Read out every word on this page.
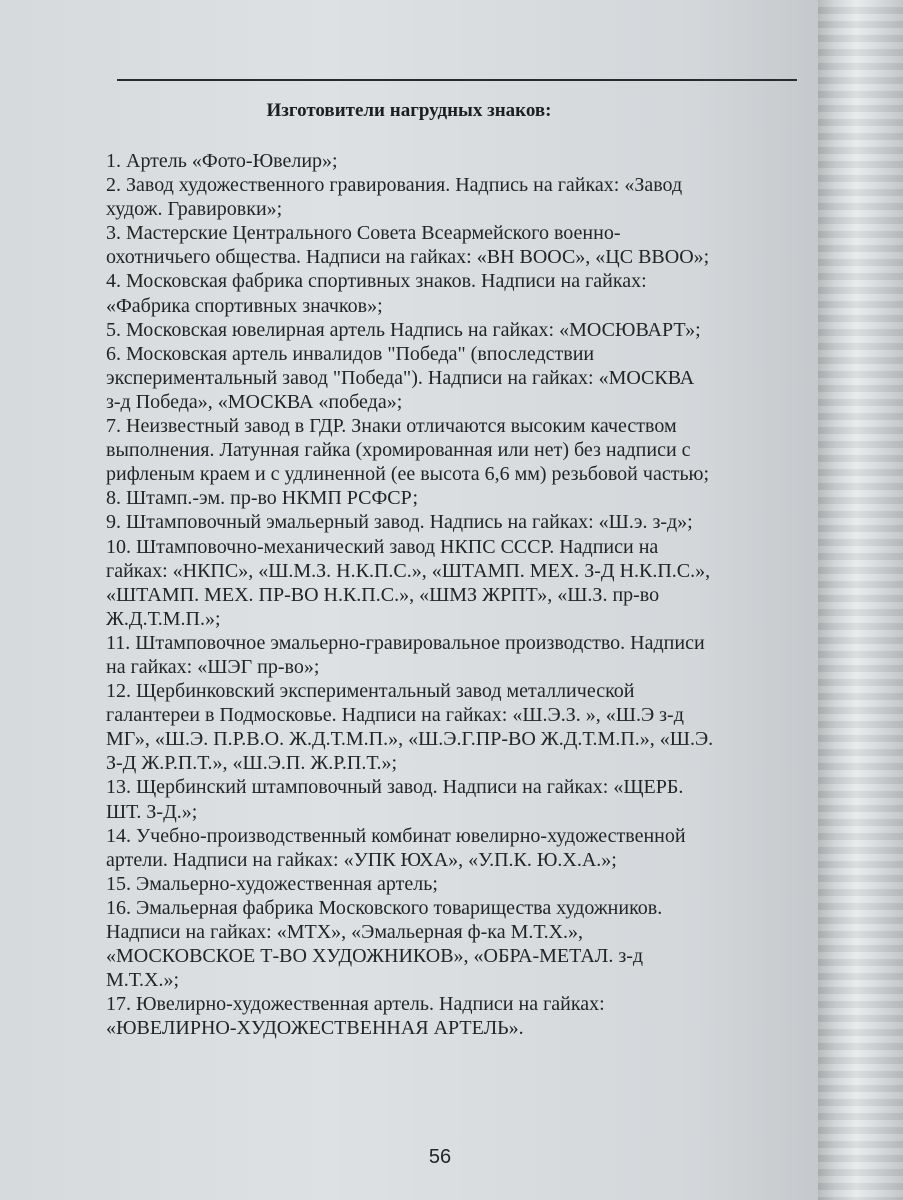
Изготовители нагрудных знаков:
1. Артель «Фото-Ювелир»;
2. Завод художественного гравирования. Надпись на гайках: «Завод
худож. Гравировки»;
3. Мастерские Центрального Совета Всеармейского военно-
охотничьего общества. Надписи на гайках: «ВН ВООС», «ЦС ВВОО»;
4. Московская фабрика спортивных знаков. Надписи на гайках:
«Фабрика спортивных значков»;
5. Московская ювелирная артель Надпись на гайках: «МОСЮВАРТ»;
6. Московская артель инвалидов "Победа" (впоследствии
экспериментальный завод "Победа"). Надписи на гайках: «МОСКВА
з-д Победа», «МОСКВА «победа»;
7. Неизвестный завод в ГДР. Знаки отличаются высоким качеством
выполнения. Латунная гайка (хромированная или нет) без надписи с
рифленым краем и с удлиненной (ее высота 6,6 мм) резьбовой частью;
8. Штамп.-эм. пр-во НКМП РСФСР;
9. Штамповочный эмальерный завод. Надпись на гайках: «Ш.э. з-д»;
10. Штамповочно-механический завод НКПС СССР. Надписи на
гайках: «НКПС», «Ш.М.З. Н.К.П.С.», «ШТАМП. МЕХ. З-Д Н.К.П.С.»,
«ШТАМП. МЕХ. ПР-ВО Н.К.П.С.», «ШМЗ ЖРПТ», «Ш.З. пр-во
Ж.Д.Т.М.П.»;
11. Штамповочное эмальерно-гравировальное производство. Надписи
на гайках: «ШЭГ пр-во»;
12. Щербинковский экспериментальный завод металлической
галантереи в Подмосковье. Надписи на гайках: «Ш.Э.З. », «Ш.Э з-д
МГ», «Ш.Э. П.Р.В.О. Ж.Д.Т.М.П.», «Ш.Э.Г.ПР-ВО Ж.Д.Т.М.П.», «Ш.Э.
З-Д Ж.Р.П.Т.», «Ш.Э.П. Ж.Р.П.Т.»;
13. Щербинский штамповочный завод. Надписи на гайках: «ЩЕРБ.
ШТ. З-Д.»;
14. Учебно-производственный комбинат ювелирно-художественной
артели. Надписи на гайках: «УПК ЮХА», «У.П.К. Ю.Х.А.»;
15. Эмальерно-художественная артель;
16. Эмальерная фабрика Московского товарищества художников.
Надписи на гайках: «МТХ», «Эмальерная ф-ка М.Т.Х.»,
«МОСКОВСКОЕ Т-ВО ХУДОЖНИКОВ», «ОБРА-МЕТАЛ. з-д
М.Т.Х.»;
17. Ювелирно-художественная артель. Надписи на гайках:
«ЮВЕЛИРНО-ХУДОЖЕСТВЕННАЯ АРТЕЛЬ».
56
